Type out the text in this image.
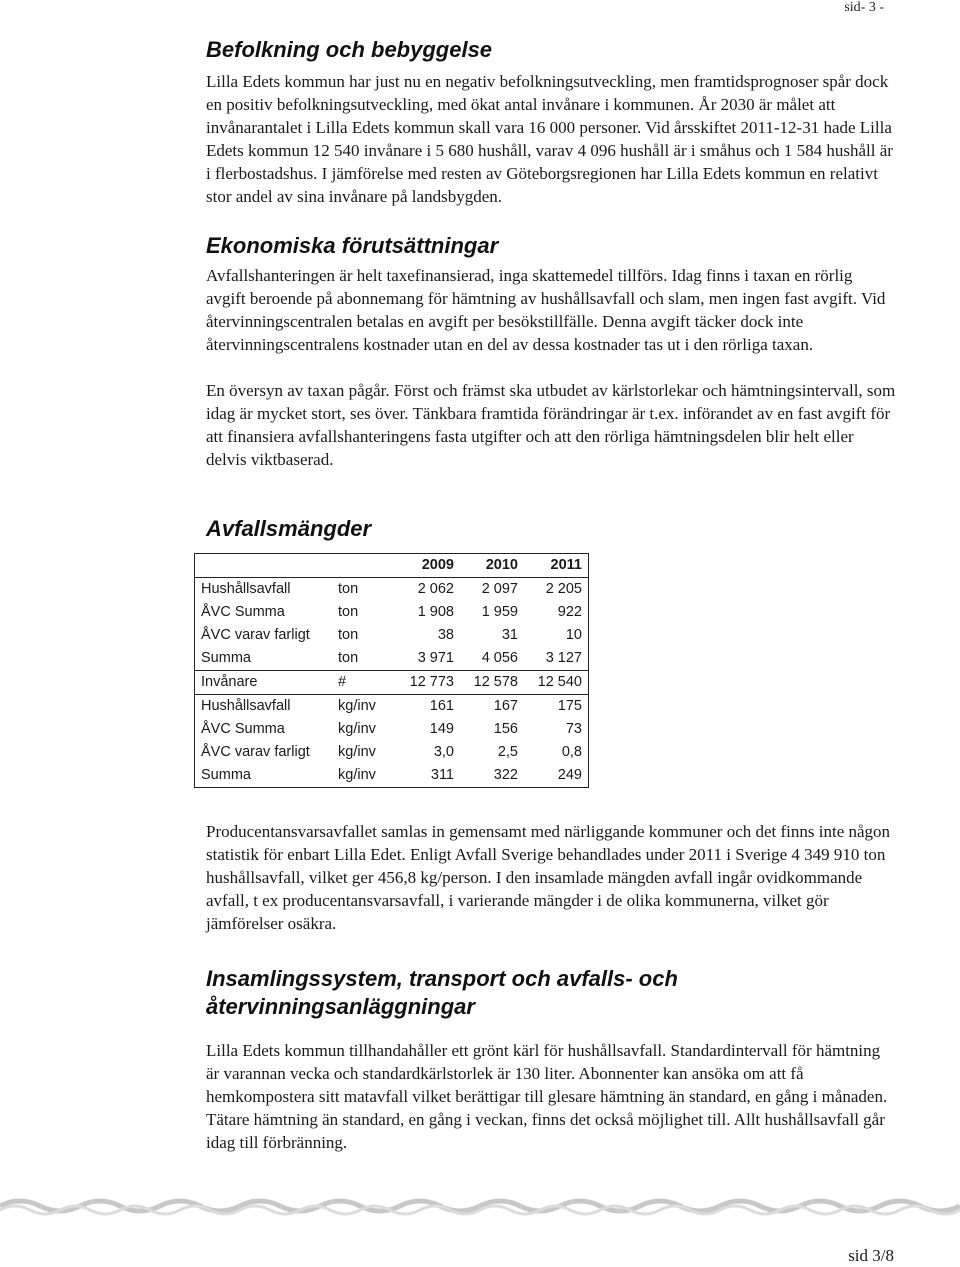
sid- 3 -
Befolkning och bebyggelse

Lilla Edets kommun har just nu en negativ befolkningsutveckling, men framtidsprognoser spår dock en positiv befolkningsutveckling, med ökat antal invånare i kommunen. År 2030 är målet att invånarantalet i Lilla Edets kommun skall vara 16 000 personer. Vid årsskiftet 2011-12-31 hade Lilla Edets kommun 12 540 invånare i 5 680 hushåll, varav 4 096 hushåll är i småhus och 1 584 hushåll är i flerbostadshus. I jämförelse med resten av Göteborgsregionen har Lilla Edets kommun en relativt stor andel av sina invånare på landsbygden.

Ekonomiska förutsättningar

Avfallshanteringen är helt taxefinansierad, inga skattemedel tillförs. Idag finns i taxan en rörlig avgift beroende på abonnemang för hämtning av hushållsavfall och slam, men ingen fast avgift. Vid återvinningscentralen betalas en avgift per besökstillfälle. Denna avgift täcker dock inte återvinningscentralens kostnader utan en del av dessa kostnader tas ut i den rörliga taxan.

En översyn av taxan pågår. Först och främst ska utbudet av kärlstorlekar och hämtningsintervall, som idag är mycket stort, ses över. Tänkbara framtida förändringar är t.ex. införandet av en fast avgift för att finansiera avfallshanteringens fasta utgifter och att den rörliga hämtningsdelen blir helt eller delvis viktbaserad.

Avfallsmängder
		2009	2010	2011
Hushållsavfall	ton	2 062	2 097	2 205
ÅVC Summa	ton	1 908	1 959	922
ÅVC varav farligt	ton	38	31	10
Summa	ton	3 971	4 056	3 127
Invånare	#	12 773	12 578	12 540
Hushållsavfall	kg/inv	161	167	175
ÅVC Summa	kg/inv	149	156	73
ÅVC varav farligt	kg/inv	3,0	2,5	0,8
Summa	kg/inv	311	322	249

Producentansvarsavfallet samlas in gemensamt med närliggande kommuner och det finns inte någon statistik för enbart Lilla Edet. Enligt Avfall Sverige behandlades under 2011 i Sverige 4 349 910 ton hushållsavfall, vilket ger 456,8 kg/person. I den insamlade mängden avfall ingår ovidkommande avfall, t ex producentansvarsavfall, i varierande mängder i de olika kommunerna, vilket gör jämförelser osäkra.

Insamlingssystem, transport och avfalls- och
återvinningsanläggningar

Lilla Edets kommun tillhandahåller ett grönt kärl för hushållsavfall. Standardintervall för hämtning är varannan vecka och standardkärlstorlek är 130 liter. Abonnenter kan ansöka om att få hemkompostera sitt matavfall vilket berättigar till glesare hämtning än standard, en gång i månaden. Tätare hämtning än standard, en gång i veckan, finns det också möjlighet till. Allt hushållsavfall går idag till förbränning.

sid 3/8
